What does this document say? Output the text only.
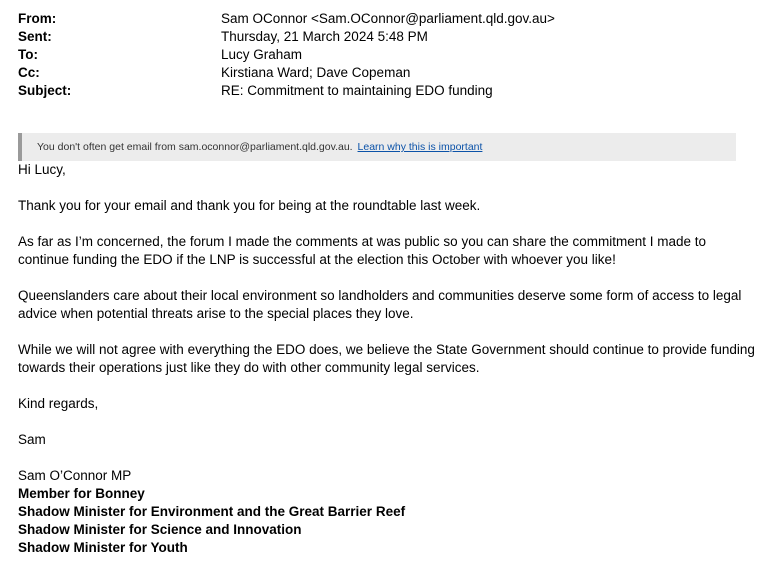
From:	Sam OConnor <Sam.OConnor@parliament.qld.gov.au>
Sent:	Thursday, 21 March 2024 5:48 PM
To:	Lucy Graham
Cc:	Kirstiana Ward; Dave Copeman
Subject:	RE: Commitment to maintaining EDO funding
You don't often get email from sam.oconnor@parliament.qld.gov.au. Learn why this is important

Hi Lucy,

Thank you for your email and thank you for being at the roundtable last week.

As far as I’m concerned, the forum I made the comments at was public so you can share the commitment I made to continue funding the EDO if the LNP is successful at the election this October with whoever you like!

Queenslanders care about their local environment so landholders and communities deserve some form of access to legal advice when potential threats arise to the special places they love.

While we will not agree with everything the EDO does, we believe the State Government should continue to provide funding towards their operations just like they do with other community legal services.

Kind regards,

Sam

Sam O’Connor MP
Member for Bonney
Shadow Minister for Environment and the Great Barrier Reef
Shadow Minister for Science and Innovation
Shadow Minister for Youth
